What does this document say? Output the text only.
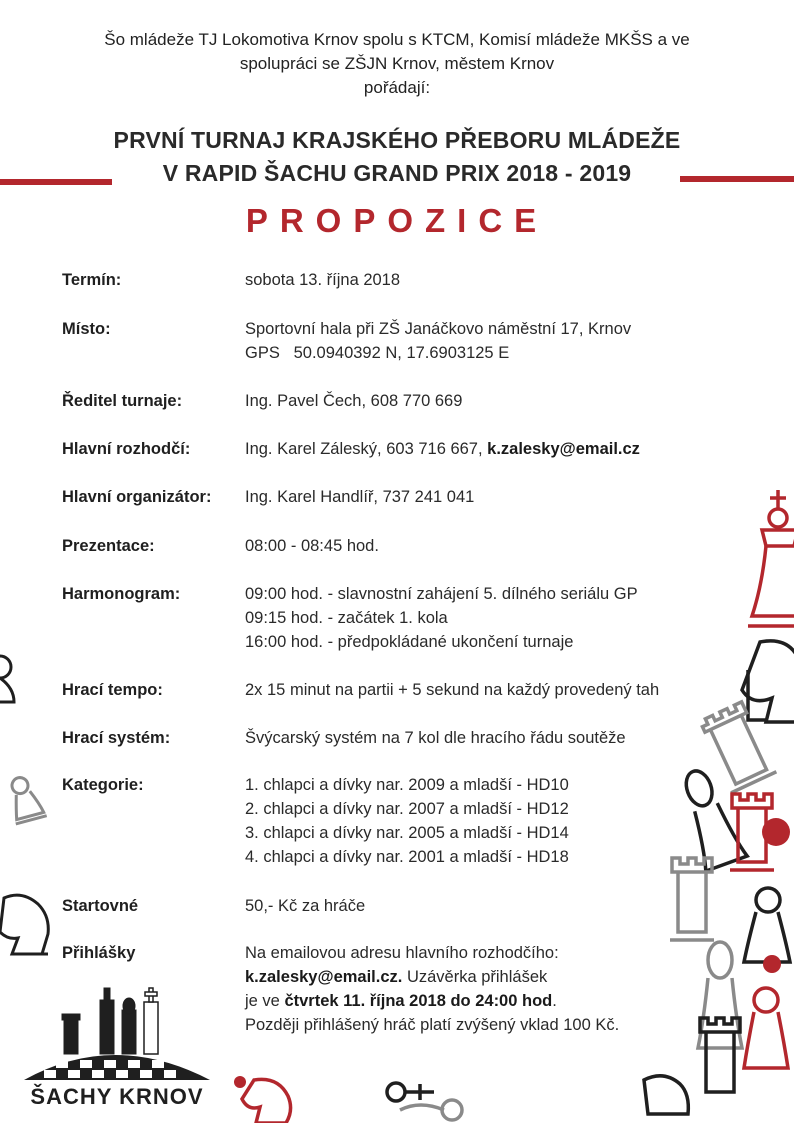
Šo mládeže TJ Lokomotiva Krnov spolu s KTCM, Komisí mládeže MKŠS a ve
spolupráci se ZŠJN Krnov, městem Krnov
pořádají:
PRVNÍ TURNAJ KRAJSKÉHO PŘEBORU MLÁDEŽE
V RAPID ŠACHU GRAND PRIX 2018 - 2019
PROPOZICE
Termín:	sobota 13. října 2018
Místo:	Sportovní hala při ZŠ Janáčkovo náměstní 17, Krnov
GPS   50.0940392 N, 17.6903125 E
Ředitel turnaje:	Ing. Pavel Čech, 608 770 669
Hlavní rozhodčí:	Ing. Karel Záleský, 603 716 667, k.zalesky@email.cz
Hlavní organizátor: Ing. Karel Handlíř, 737 241 041
Prezentace:	08:00 - 08:45 hod.
Harmonogram:	09:00 hod. - slavnostní zahájení 5. dílného seriálu GP
09:15 hod. - začátek 1. kola
16:00 hod. - předpokládané ukončení turnaje
Hrací tempo:	2x 15 minut na partii + 5 sekund na každý provedený tah
Hrací systém:	Švýcarský systém na 7 kol dle hracího řádu soutěže
Kategorie:	1. chlapci a dívky nar. 2009 a mladší - HD10
2. chlapci a dívky nar. 2007 a mladší - HD12
3. chlapci a dívky nar. 2005 a mladší - HD14
4. chlapci a dívky nar. 2001 a mladší - HD18
Startovné	50,- Kč za hráče
Přihlášky	Na emailovou adresu hlavního rozhodčího:
k.zalesky@email.cz. Uzávěrka přihlášek
je ve čtvrtek 11. října 2018 do 24:00 hod.
Později přihlášený hráč platí zvýšený vklad 100 Kč.
ŠACHY KRNOV
